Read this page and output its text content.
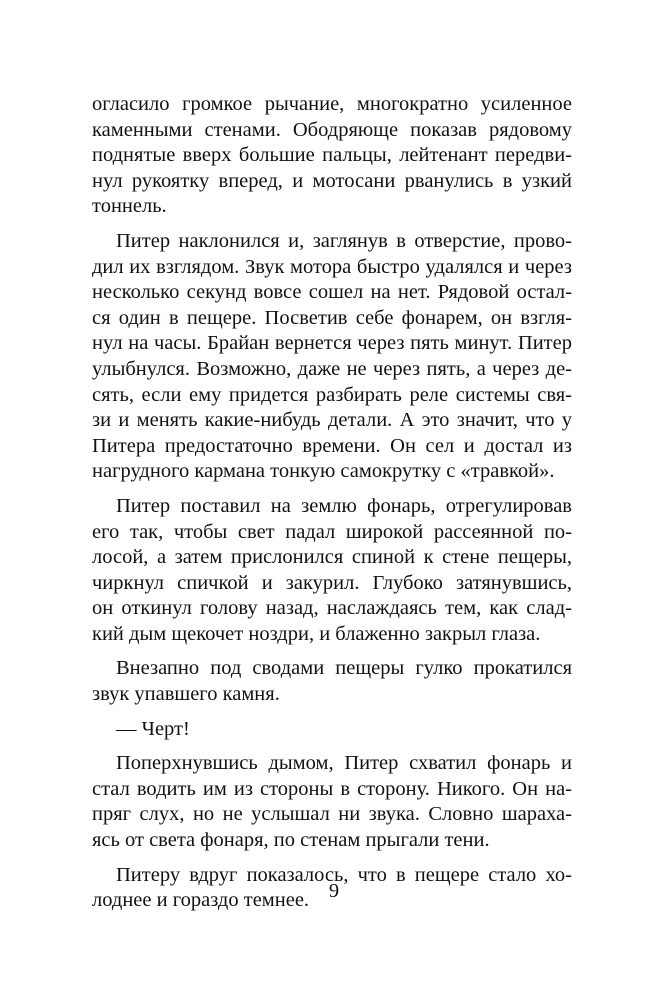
огласило громкое рычание, многократно усиленное
каменными стенами. Ободряюще показав рядовому
поднятые вверх большие пальцы, лейтенант передви-
нул рукоятку вперед, и мотосани рванулись в узкий
тоннель.
Питер наклонился и, заглянув в отверстие, прово-
дил их взглядом. Звук мотора быстро удалялся и через
несколько секунд вовсе сошел на нет. Рядовой остал-
ся один в пещере. Посветив себе фонарем, он взгля-
нул на часы. Брайан вернется через пять минут. Питер
улыбнулся. Возможно, даже не через пять, а через де-
сять, если ему придется разбирать реле системы свя-
зи и менять какие-нибудь детали. А это значит, что у
Питера предостаточно времени. Он сел и достал из
нагрудного кармана тонкую самокрутку с «травкой».
Питер поставил на землю фонарь, отрегулировав
его так, чтобы свет падал широкой рассеянной по-
лосой, а затем прислонился спиной к стене пещеры,
чиркнул спичкой и закурил. Глубоко затянувшись,
он откинул голову назад, наслаждаясь тем, как слад-
кий дым щекочет ноздри, и блаженно закрыл глаза.
Внезапно под сводами пещеры гулко прокатился
звук упавшего камня.
— Черт!
Поперхнувшись дымом, Питер схватил фонарь и
стал водить им из стороны в сторону. Никого. Он на-
пряг слух, но не услышал ни звука. Словно шараха-
ясь от света фонаря, по стенам прыгали тени.
Питеру вдруг показалось, что в пещере стало хо-
лоднее и гораздо темнее. 9
